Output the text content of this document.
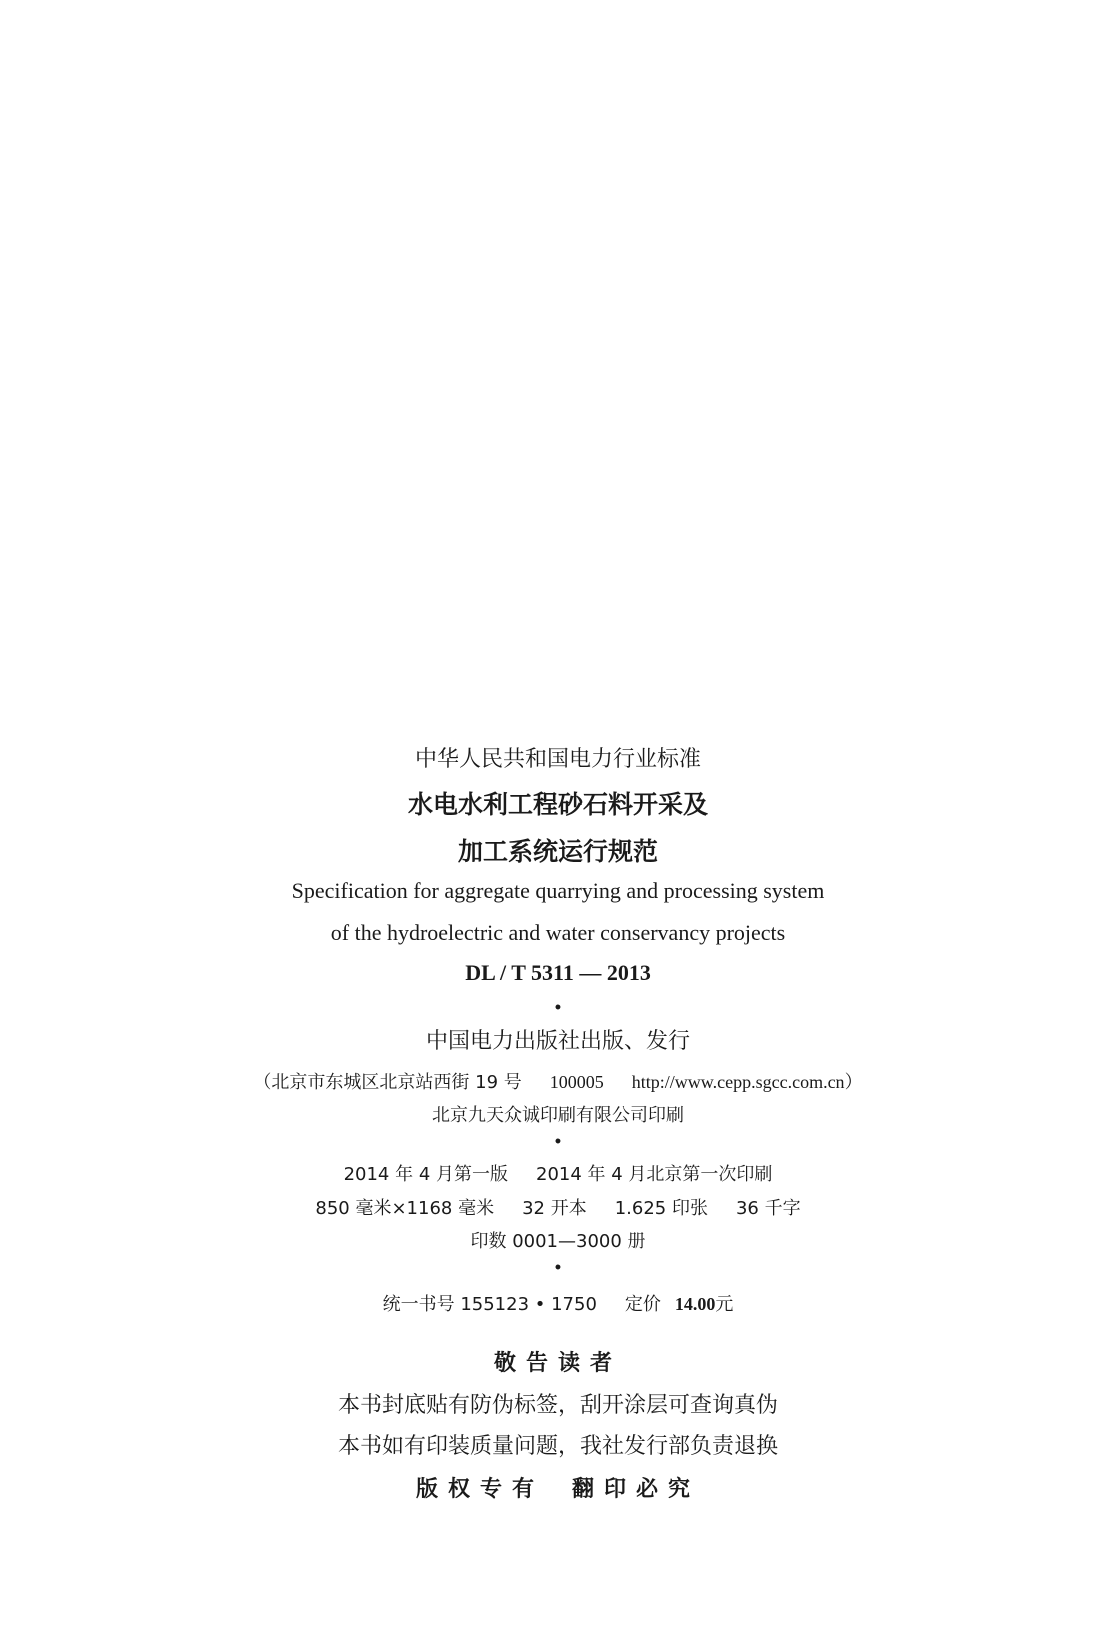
中华人民共和国电力行业标准
水电水利工程砂石料开采及
加工系统运行规范
Specification for aggregate quarrying and processing system
of the hydroelectric and water conservancy projects
DL / T 5311 — 2013
•
中国电力出版社出版、发行
（北京市东城区北京站西街 19 号 100005 http://www.cepp.sgcc.com.cn）
北京九天众诚印刷有限公司印刷
•
2014 年 4 月第一版 2014 年 4 月北京第一次印刷
850 毫米×1168 毫米 32 开本 1.625 印张 36 千字
印数 0001—3000 册
•
统一书号 155123 • 1750 定价 14.00元
敬告读者
本书封底贴有防伪标签，刮开涂层可查询真伪
本书如有印装质量问题，我社发行部负责退换
版权专有 翻印必究
